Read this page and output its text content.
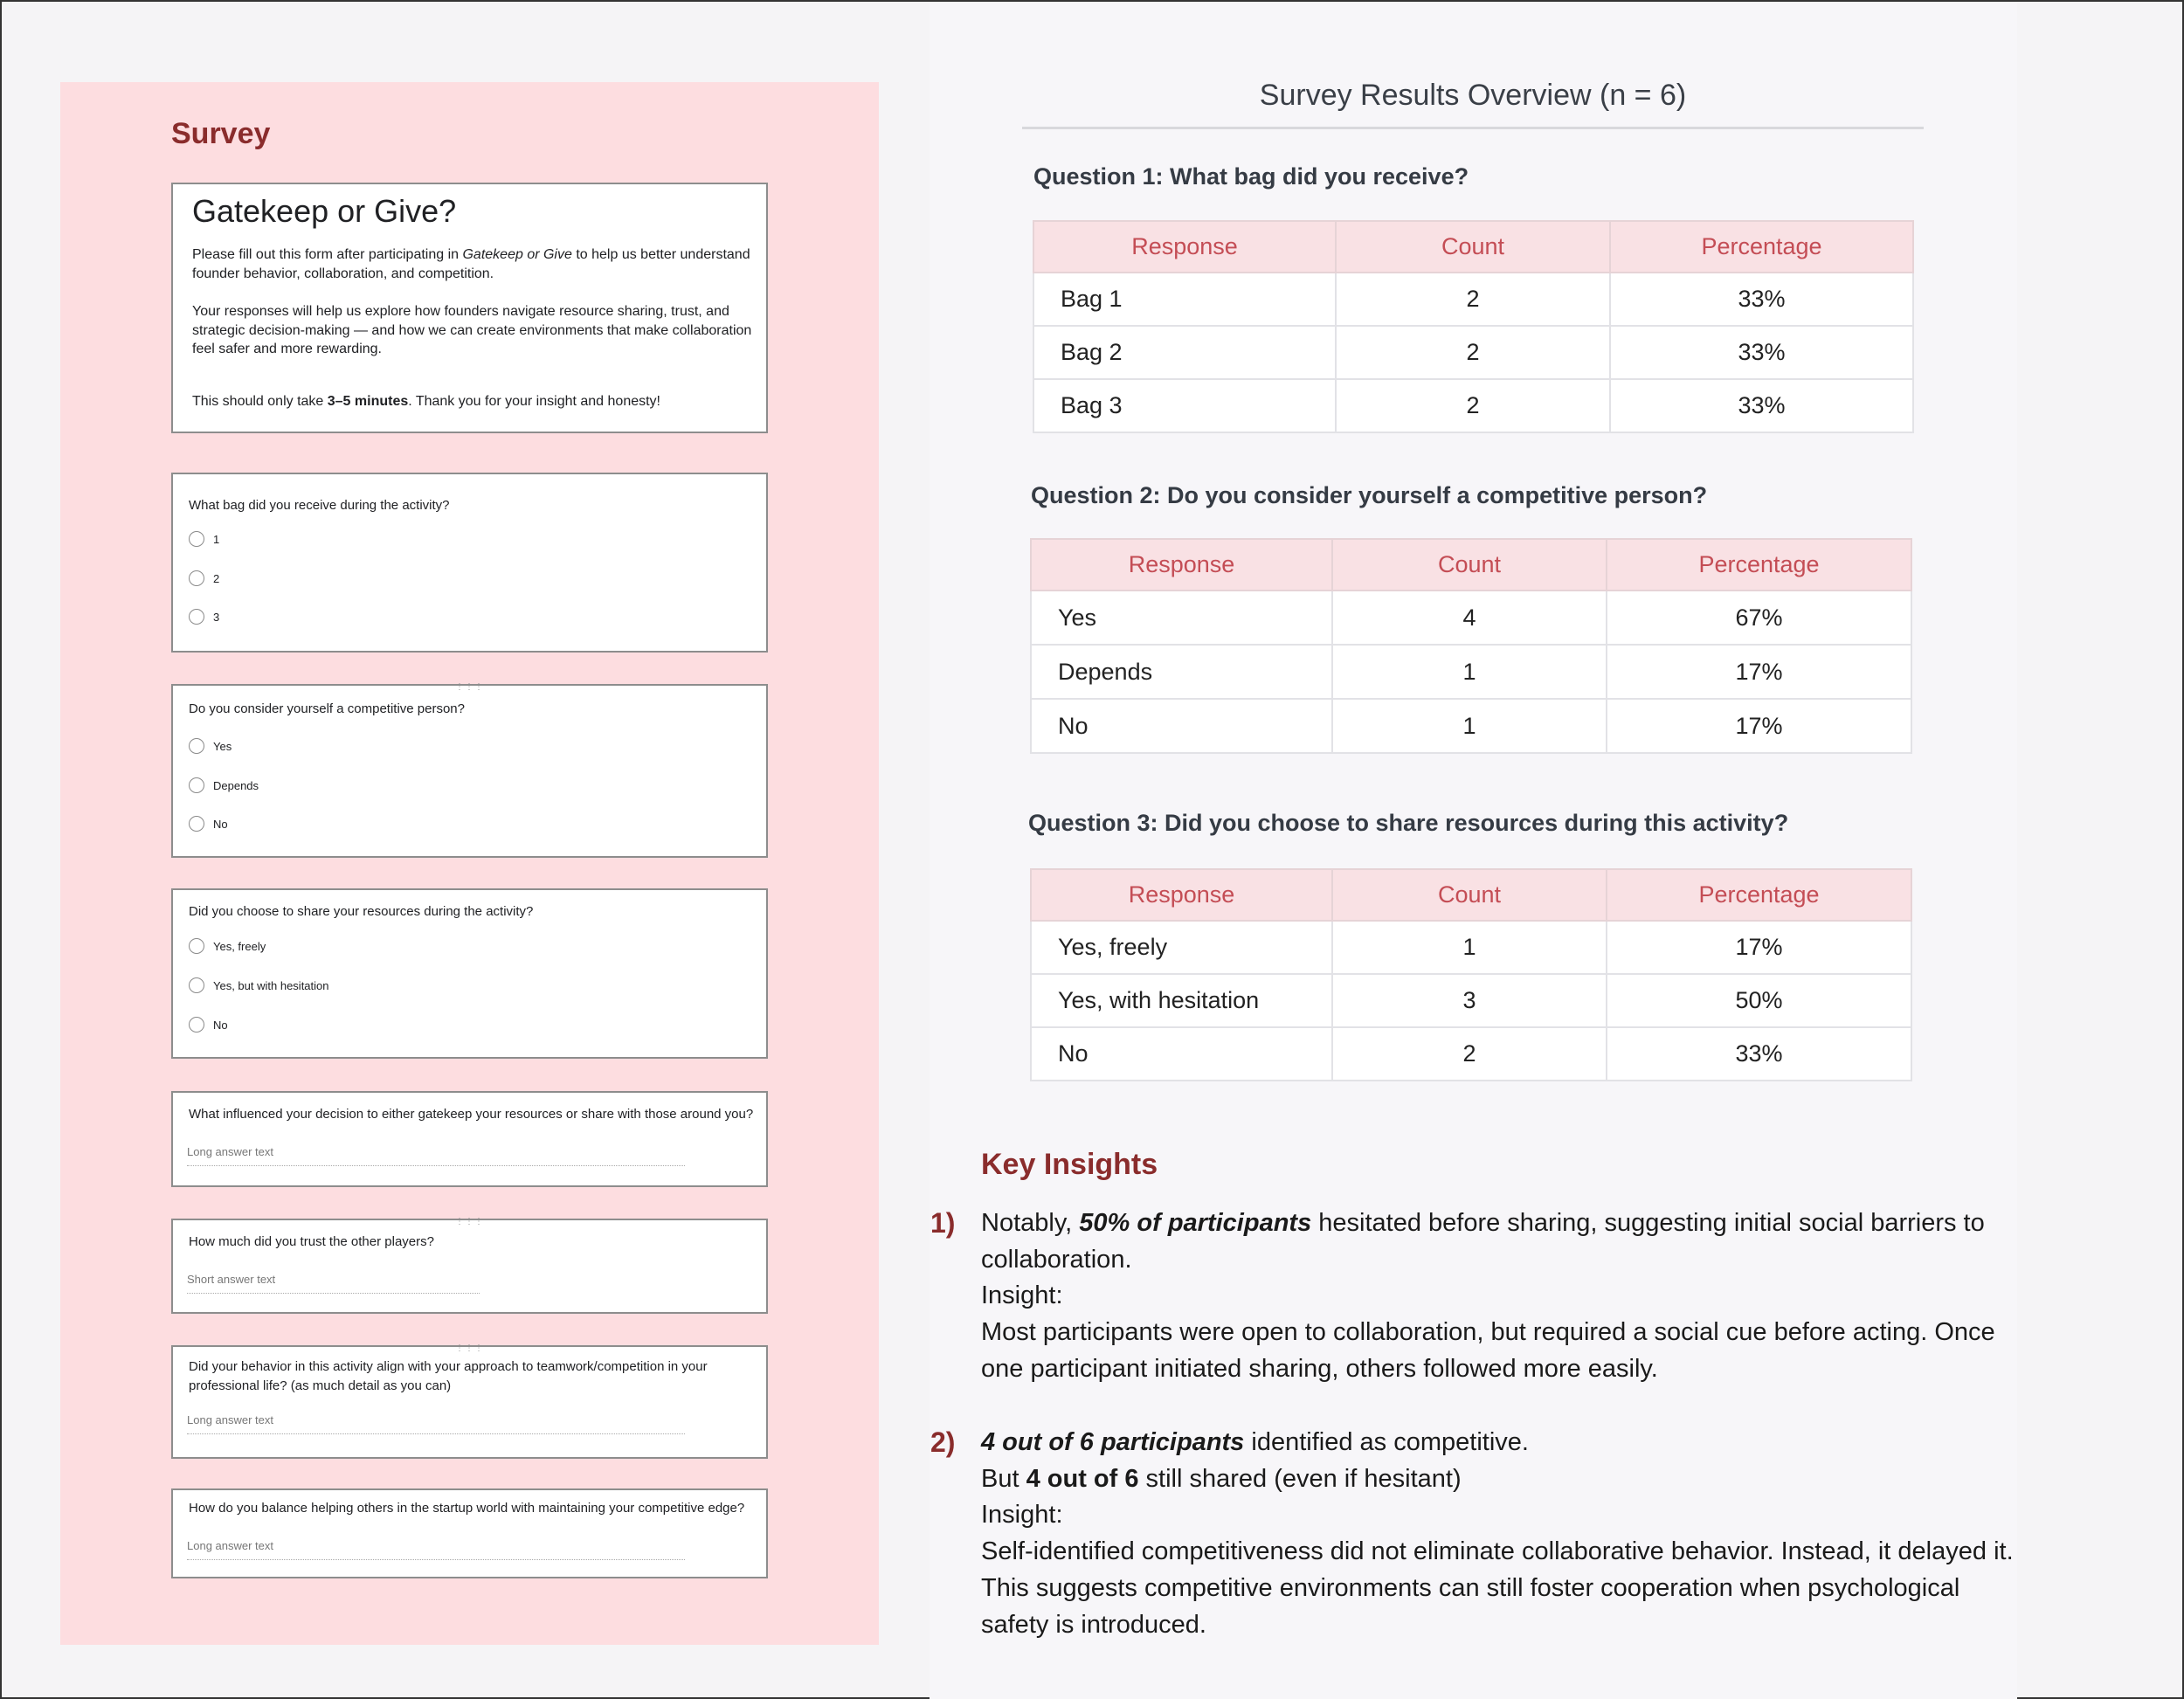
Survey
Gatekeep or Give?
Please fill out this form after participating in Gatekeep or Give to help us better understand founder behavior, collaboration, and competition.
Your responses will help us explore how founders navigate resource sharing, trust, and strategic decision-making — and how we can create environments that make collaboration feel safer and more rewarding.
This should only take 3–5 minutes. Thank you for your insight and honesty!
What bag did you receive during the activity?
1
2
3
⋮⋮⋮
Do you consider yourself a competitive person?
Yes
Depends
No
Did you choose to share your resources during the activity?
Yes, freely
Yes, but with hesitation
No
What influenced your decision to either gatekeep your resources or share with those around you?
Long answer text
⋮⋮⋮
How much did you trust the other players?
Short answer text
⋮⋮⋮
Did your behavior in this activity align with your approach to teamwork/competition in your professional life? (as much detail as you can)
Long answer text
How do you balance helping others in the startup world with maintaining your competitive edge?
Long answer text
Survey Results Overview (n = 6)
Question 1: What bag did you receive?
Response	Count	Percentage
Bag 1	2	33%
Bag 2	2	33%
Bag 3	2	33%
Question 2: Do you consider yourself a competitive person?
Response	Count	Percentage
Yes	4	67%
Depends	1	17%
No	1	17%
Question 3: Did you choose to share resources during this activity?
Response	Count	Percentage
Yes, freely	1	17%
Yes, with hesitation	3	50%
No	2	33%
Key Insights
1) Notably, 50% of participants hesitated before sharing, suggesting initial social barriers to collaboration.
Insight:
Most participants were open to collaboration, but required a social cue before acting. Once one participant initiated sharing, others followed more easily.
2) 4 out of 6 participants identified as competitive.
But 4 out of 6 still shared (even if hesitant)
Insight:
Self-identified competitiveness did not eliminate collaborative behavior. Instead, it delayed it. This suggests competitive environments can still foster cooperation when psychological safety is introduced.
